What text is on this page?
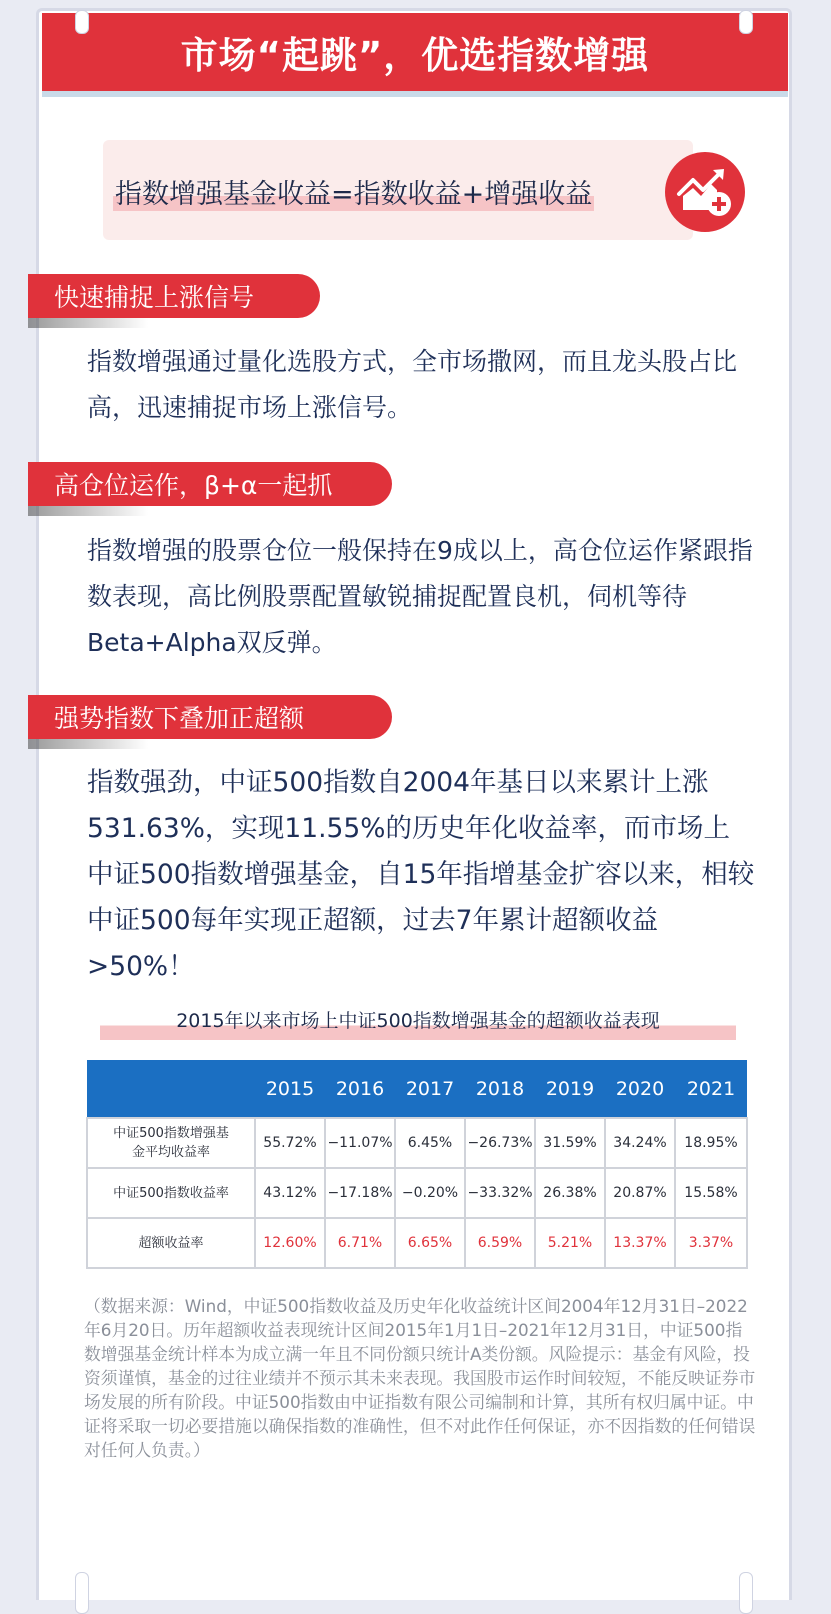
市场“起跳”，优选指数增强
指数增强基金收益=指数收益+增强收益
快速捕捉上涨信号

指数增强通过量化选股方式，全市场撒网，而且龙头股占比高，迅速捕捉市场上涨信号。

高仓位运作，β+α一起抓

指数增强的股票仓位一般保持在9成以上，高仓位运作紧跟指数表现，高比例股票配置敏锐捕捉配置良机，伺机等待Beta+Alpha双反弹。

强势指数下叠加正超额

指数强劲，中证500指数自2004年基日以来累计上涨531.63%，实现11.55%的历史年化收益率，而市场上中证500指数增强基金，自15年指增基金扩容以来，相较中证500每年实现正超额，过去7年累计超额收益>50%！

2015年以来市场上中证500指数增强基金的超额收益表现
	2015	2016	2017	2018	2019	2020	2021
中证500指数增强基金平均收益率	55.72%	−11.07%	6.45%	−26.73%	31.59%	34.24%	18.95%
中证500指数收益率	43.12%	−17.18%	−0.20%	−33.32%	26.38%	20.87%	15.58%
超额收益率	12.60%	6.71%	6.65%	6.59%	5.21%	13.37%	3.37%

（数据来源：Wind，中证500指数收益及历史年化收益统计区间2004年12月31日–2022年6月20日。历年超额收益表现统计区间2015年1月1日–2021年12月31日，中证500指数增强基金统计样本为成立满一年且不同份额只统计A类份额。风险提示：基金有风险，投资须谨慎，基金的过往业绩并不预示其未来表现。我国股市运作时间较短，不能反映证券市场发展的所有阶段。中证500指数由中证指数有限公司编制和计算，其所有权归属中证。中证将采取一切必要措施以确保指数的准确性，但不对此作任何保证，亦不因指数的任何错误对任何人负责。）
